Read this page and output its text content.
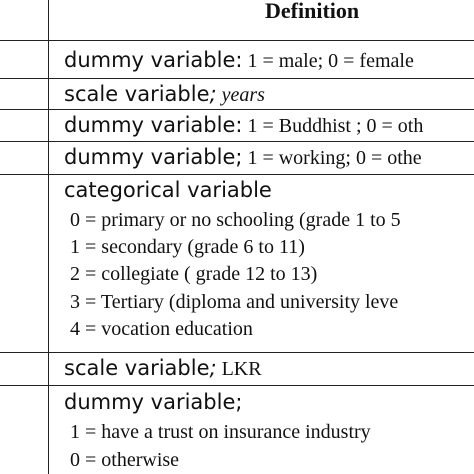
Definition
dummy variable: 1 = male; 0 = female
scale variable; years
dummy variable: 1 = Buddhist ; 0 = oth
dummy variable; 1 = working; 0 = othe
categorical variable
0 = primary or no schooling (grade 1 to 5
1 = secondary (grade 6 to 11)
2 = collegiate ( grade 12 to 13)
3 = Tertiary (diploma and university leve
4 = vocation education
scale variable; LKR
dummy variable;
1 = have a trust on insurance industry
0 = otherwise
